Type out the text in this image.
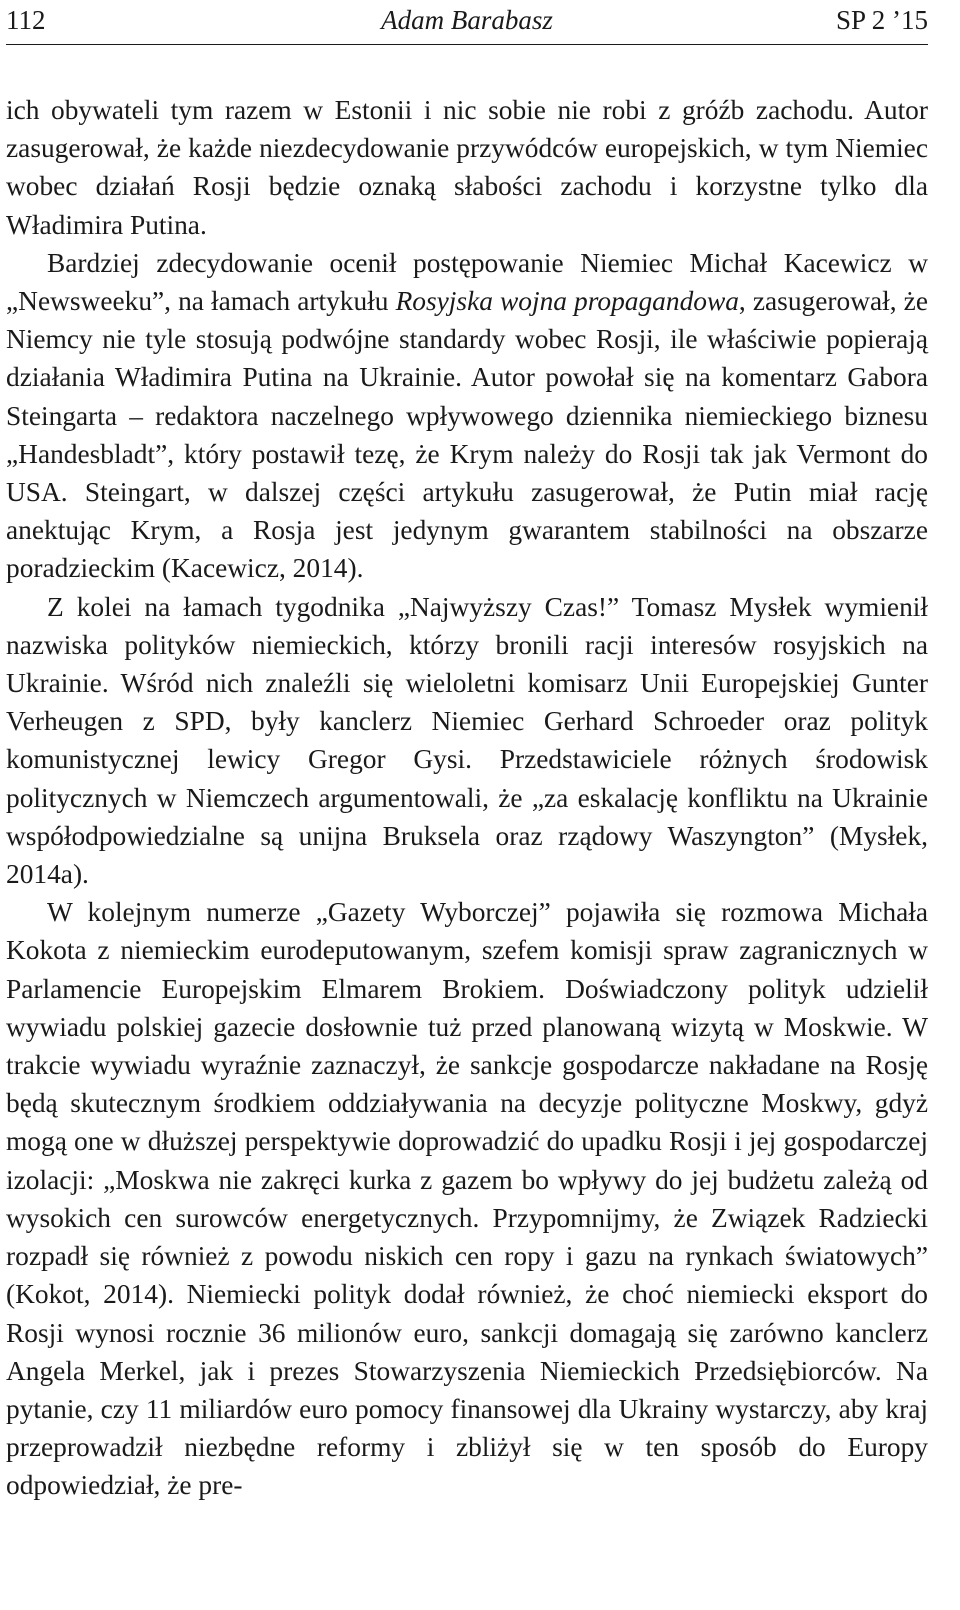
112	Adam Barabasz	SP 2 ’15

ich obywateli tym razem w Estonii i nic sobie nie robi z gróźb zachodu. Autor zasugerował, że każde niezdecydowanie przywódców europejskich, w tym Niemiec wobec działań Rosji będzie oznaką słabości zachodu i korzystne tylko dla Władimira Putina.

Bardziej zdecydowanie ocenił postępowanie Niemiec Michał Kacewicz w „Newsweeku”, na łamach artykułu Rosyjska wojna propagandowa, zasugerował, że Niemcy nie tyle stosują podwójne standardy wobec Rosji, ile właściwie popierają działania Władimira Putina na Ukrainie. Autor powołał się na komentarz Gabora Steingarta – redaktora naczelnego wpływowego dziennika niemieckiego biznesu „Handesbladt”, który postawił tezę, że Krym należy do Rosji tak jak Vermont do USA. Steingart, w dalszej części artykułu zasugerował, że Putin miał rację anektując Krym, a Rosja jest jedynym gwarantem stabilności na obszarze poradzieckim (Kacewicz, 2014).

Z kolei na łamach tygodnika „Najwyższy Czas!” Tomasz Mysłek wymienił nazwiska polityków niemieckich, którzy bronili racji interesów rosyjskich na Ukrainie. Wśród nich znaleźli się wieloletni komisarz Unii Europejskiej Gunter Verheugen z SPD, były kanclerz Niemiec Gerhard Schroeder oraz polityk komunistycznej lewicy Gregor Gysi. Przedstawiciele różnych środowisk politycznych w Niemczech argumentowali, że „za eskalację konfliktu na Ukrainie współodpowiedzialne są unijna Bruksela oraz rządowy Waszyngton” (Mysłek, 2014a).

W kolejnym numerze „Gazety Wyborczej” pojawiła się rozmowa Michała Kokota z niemieckim eurodeputowanym, szefem komisji spraw zagranicznych w Parlamencie Europejskim Elmarem Brokiem. Doświadczony polityk udzielił wywiadu polskiej gazecie dosłownie tuż przed planowaną wizytą w Moskwie. W trakcie wywiadu wyraźnie zaznaczył, że sankcje gospodarcze nakładane na Rosję będą skutecznym środkiem oddziaływania na decyzje polityczne Moskwy, gdyż mogą one w dłuższej perspektywie doprowadzić do upadku Rosji i jej gospodarczej izolacji: „Moskwa nie zakręci kurka z gazem bo wpływy do jej budżetu zależą od wysokich cen surowców energetycznych. Przypomnijmy, że Związek Radziecki rozpadł się również z powodu niskich cen ropy i gazu na rynkach światowych” (Kokot, 2014). Niemiecki polityk dodał również, że choć niemiecki eksport do Rosji wynosi rocznie 36 milionów euro, sankcji domagają się zarówno kanclerz Angela Merkel, jak i prezes Stowarzyszenia Niemieckich Przedsiębiorców. Na pytanie, czy 11 miliardów euro pomocy finansowej dla Ukrainy wystarczy, aby kraj przeprowadził niezbędne reformy i zbliżył się w ten sposób do Europy odpowiedział, że pre-
